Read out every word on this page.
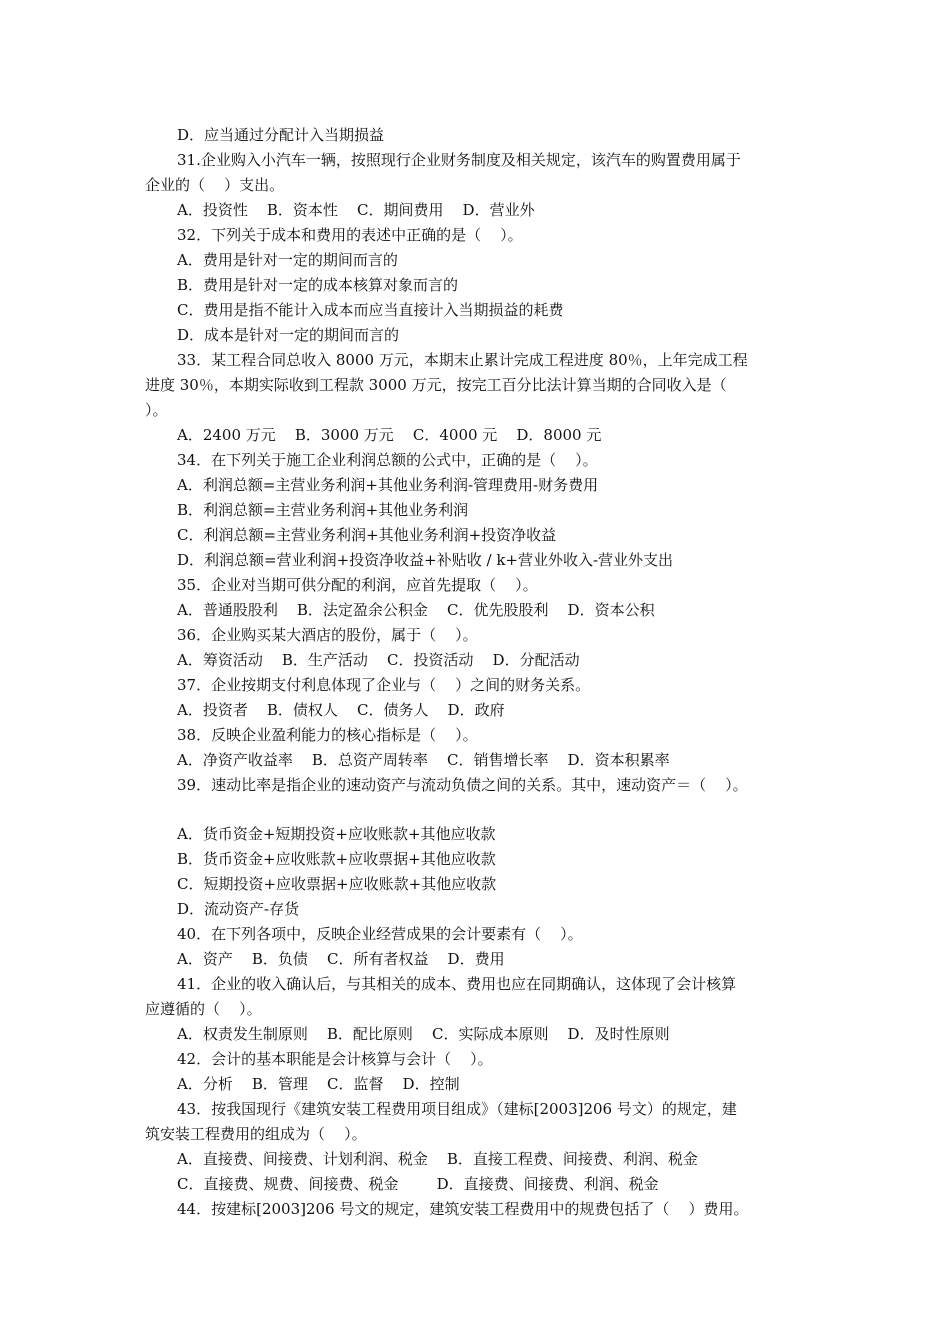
D．应当通过分配计入当期损益
31.企业购入小汽车一辆，按照现行企业财务制度及相关规定，该汽车的购置费用属于
企业的（    ）支出。
A．投资性    B．资本性    C．期间费用    D．营业外
32．下列关于成本和费用的表述中正确的是（    ）。
A．费用是针对一定的期间而言的
B．费用是针对一定的成本核算对象而言的
C．费用是指不能计入成本而应当直接计入当期损益的耗费
D．成本是针对一定的期间而言的
33．某工程合同总收入 8000 万元，本期末止累计完成工程进度 80％，上年完成工程
进度 30％，本期实际收到工程款 3000 万元，按完工百分比法计算当期的合同收入是（
）。
A．2400 万元    B．3000 万元    C．4000 元    D．8000 元
34．在下列关于施工企业利润总额的公式中，正确的是（    ）。
A．利润总额=主营业务利润+其他业务利润-管理费用-财务费用
B．利润总额=主营业务利润+其他业务利润
C．利润总额=主营业务利润+其他业务利润+投资净收益
D．利润总额=营业利润+投资净收益+补贴收 / k+营业外收入-营业外支出
35．企业对当期可供分配的利润，应首先提取（    ）。
A．普通股股利    B．法定盈余公积金    C．优先股股利    D．资本公积
36．企业购买某大酒店的股份，属于（    ）。
A．筹资活动    B．生产活动    C．投资活动    D．分配活动
37．企业按期支付利息体现了企业与（    ）之间的财务关系。
A．投资者    B．债权人    C．债务人    D．政府
38．反映企业盈利能力的核心指标是（    ）。
A．净资产收益率    B．总资产周转率    C．销售增长率    D．资本积累率
39．速动比率是指企业的速动资产与流动负债之间的关系。其中，速动资产＝（    ）。
A．货币资金+短期投资+应收账款+其他应收款
B．货币资金+应收账款+应收票据+其他应收款
C．短期投资+应收票据+应收账款+其他应收款
D．流动资产-存货
40．在下列各项中，反映企业经营成果的会计要素有（    ）。
A．资产    B．负债    C．所有者权益    D．费用
41．企业的收入确认后，与其相关的成本、费用也应在同期确认，这体现了会计核算
应遵循的（    ）。
A．权责发生制原则    B．配比原则    C．实际成本原则    D．及时性原则
42．会计的基本职能是会计核算与会计（    ）。
A．分析    B．管理    C．监督    D．控制
43．按我国现行《建筑安装工程费用项目组成》（建标[2003]206 号文）的规定，建
筑安装工程费用的组成为（    ）。
A．直接费、间接费、计划利润、税金    B．直接工程费、间接费、利润、税金
C．直接费、规费、间接费、税金        D．直接费、间接费、利润、税金
44．按建标[2003]206 号文的规定，建筑安装工程费用中的规费包括了（    ）费用。
